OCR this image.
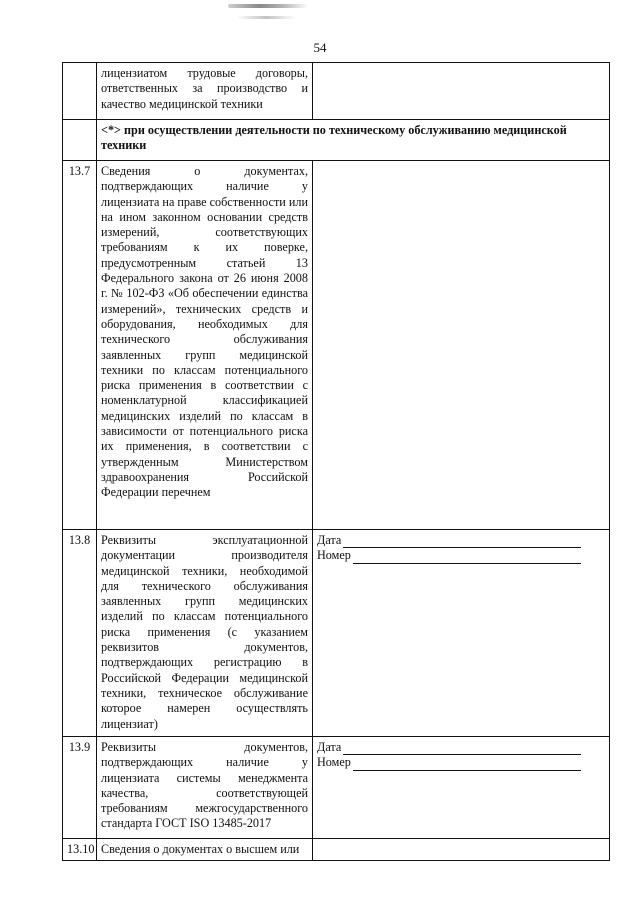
54
	лицензиатом трудовые договоры, ответственных за производство и качество медицинской техники	
	<*> при осуществлении деятельности по техническому обслуживанию медицинской техники	
13.7	Сведения о документах, подтверждающих наличие у лицензиата на праве собственности или на ином законном основании средств измерений, соответствующих требованиям к их поверке, предусмотренным статьей 13 Федерального закона от 26 июня 2008 г. № 102-ФЗ «Об обеспечении единства измерений», технических средств и оборудования, необходимых для технического обслуживания заявленных групп медицинской техники по классам потенциального риска применения в соответствии с номенклатурной классификацией медицинских изделий по классам в зависимости от потенциального риска их применения, в соответствии с утвержденным Министерством здравоохранения Российской Федерации перечнем	
13.8	Реквизиты эксплуатационной документации производителя медицинской техники, необходимой для технического обслуживания заявленных групп медицинских изделий по классам потенциального риска применения (с указанием реквизитов документов, подтверждающих регистрацию в Российской Федерации медицинской техники, техническое обслуживание которое намерен осуществлять лицензиат)	Дата
Номер

13.9	Реквизиты документов, подтверждающих наличие у лицензиата системы менеджмента качества, соответствующей требованиям межгосударственного стандарта ГОСТ ISO 13485-2017	Дата
Номер

13.10	Сведения о документах о высшем или	
